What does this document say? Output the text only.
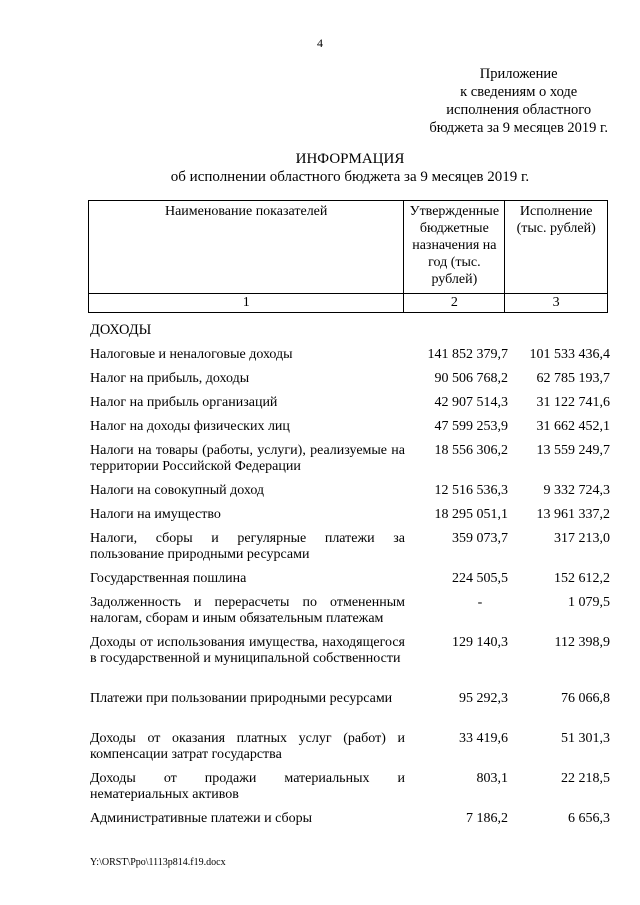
4
Приложение
к сведениям о ходе
исполнения областного
бюджета за 9 месяцев 2019 г.
ИНФОРМАЦИЯ
об исполнении областного бюджета за 9 месяцев 2019 г.
Наименование показателей	Утвержденные бюджетные назначения на год (тыс. рублей)	Исполнение (тыс. рублей)
1	2	3
ДОХОДЫ
Налоговые и неналоговые доходы	141 852 379,7	101 533 436,4
Налог на прибыль, доходы	90 506 768,2	62 785 193,7
Налог на прибыль организаций	42 907 514,3	31 122 741,6
Налог на доходы физических лиц	47 599 253,9	31 662 452,1
Налоги на товары (работы, услуги), реализуемые на территории Российской Федерации
18 556 306,2	13 559 249,7
Налоги на совокупный доход	12 516 536,3	9 332 724,3
Налоги на имущество	18 295 051,1	13 961 337,2
Налоги, сборы и регулярные платежи за пользование природными ресурсами
359 073,7	317 213,0
Государственная пошлина	224 505,5	152 612,2
Задолженность и перерасчеты по отмененным налогам, сборам и иным обязательным платежам
-	1 079,5
Доходы от использования имущества, находящегося в государственной и муниципальной собственности
129 140,3	112 398,9
Платежи при пользовании природными ресурсами	95 292,3	76 066,8
Доходы от оказания платных услуг (работ) и компенсации затрат государства
33 419,6	51 301,3
Доходы от продажи материальных и нематериальных активов
803,1	22 218,5
Административные платежи и сборы	7 186,2	6 656,3
Y:\ORST\Ppo\1113p814.f19.docx
